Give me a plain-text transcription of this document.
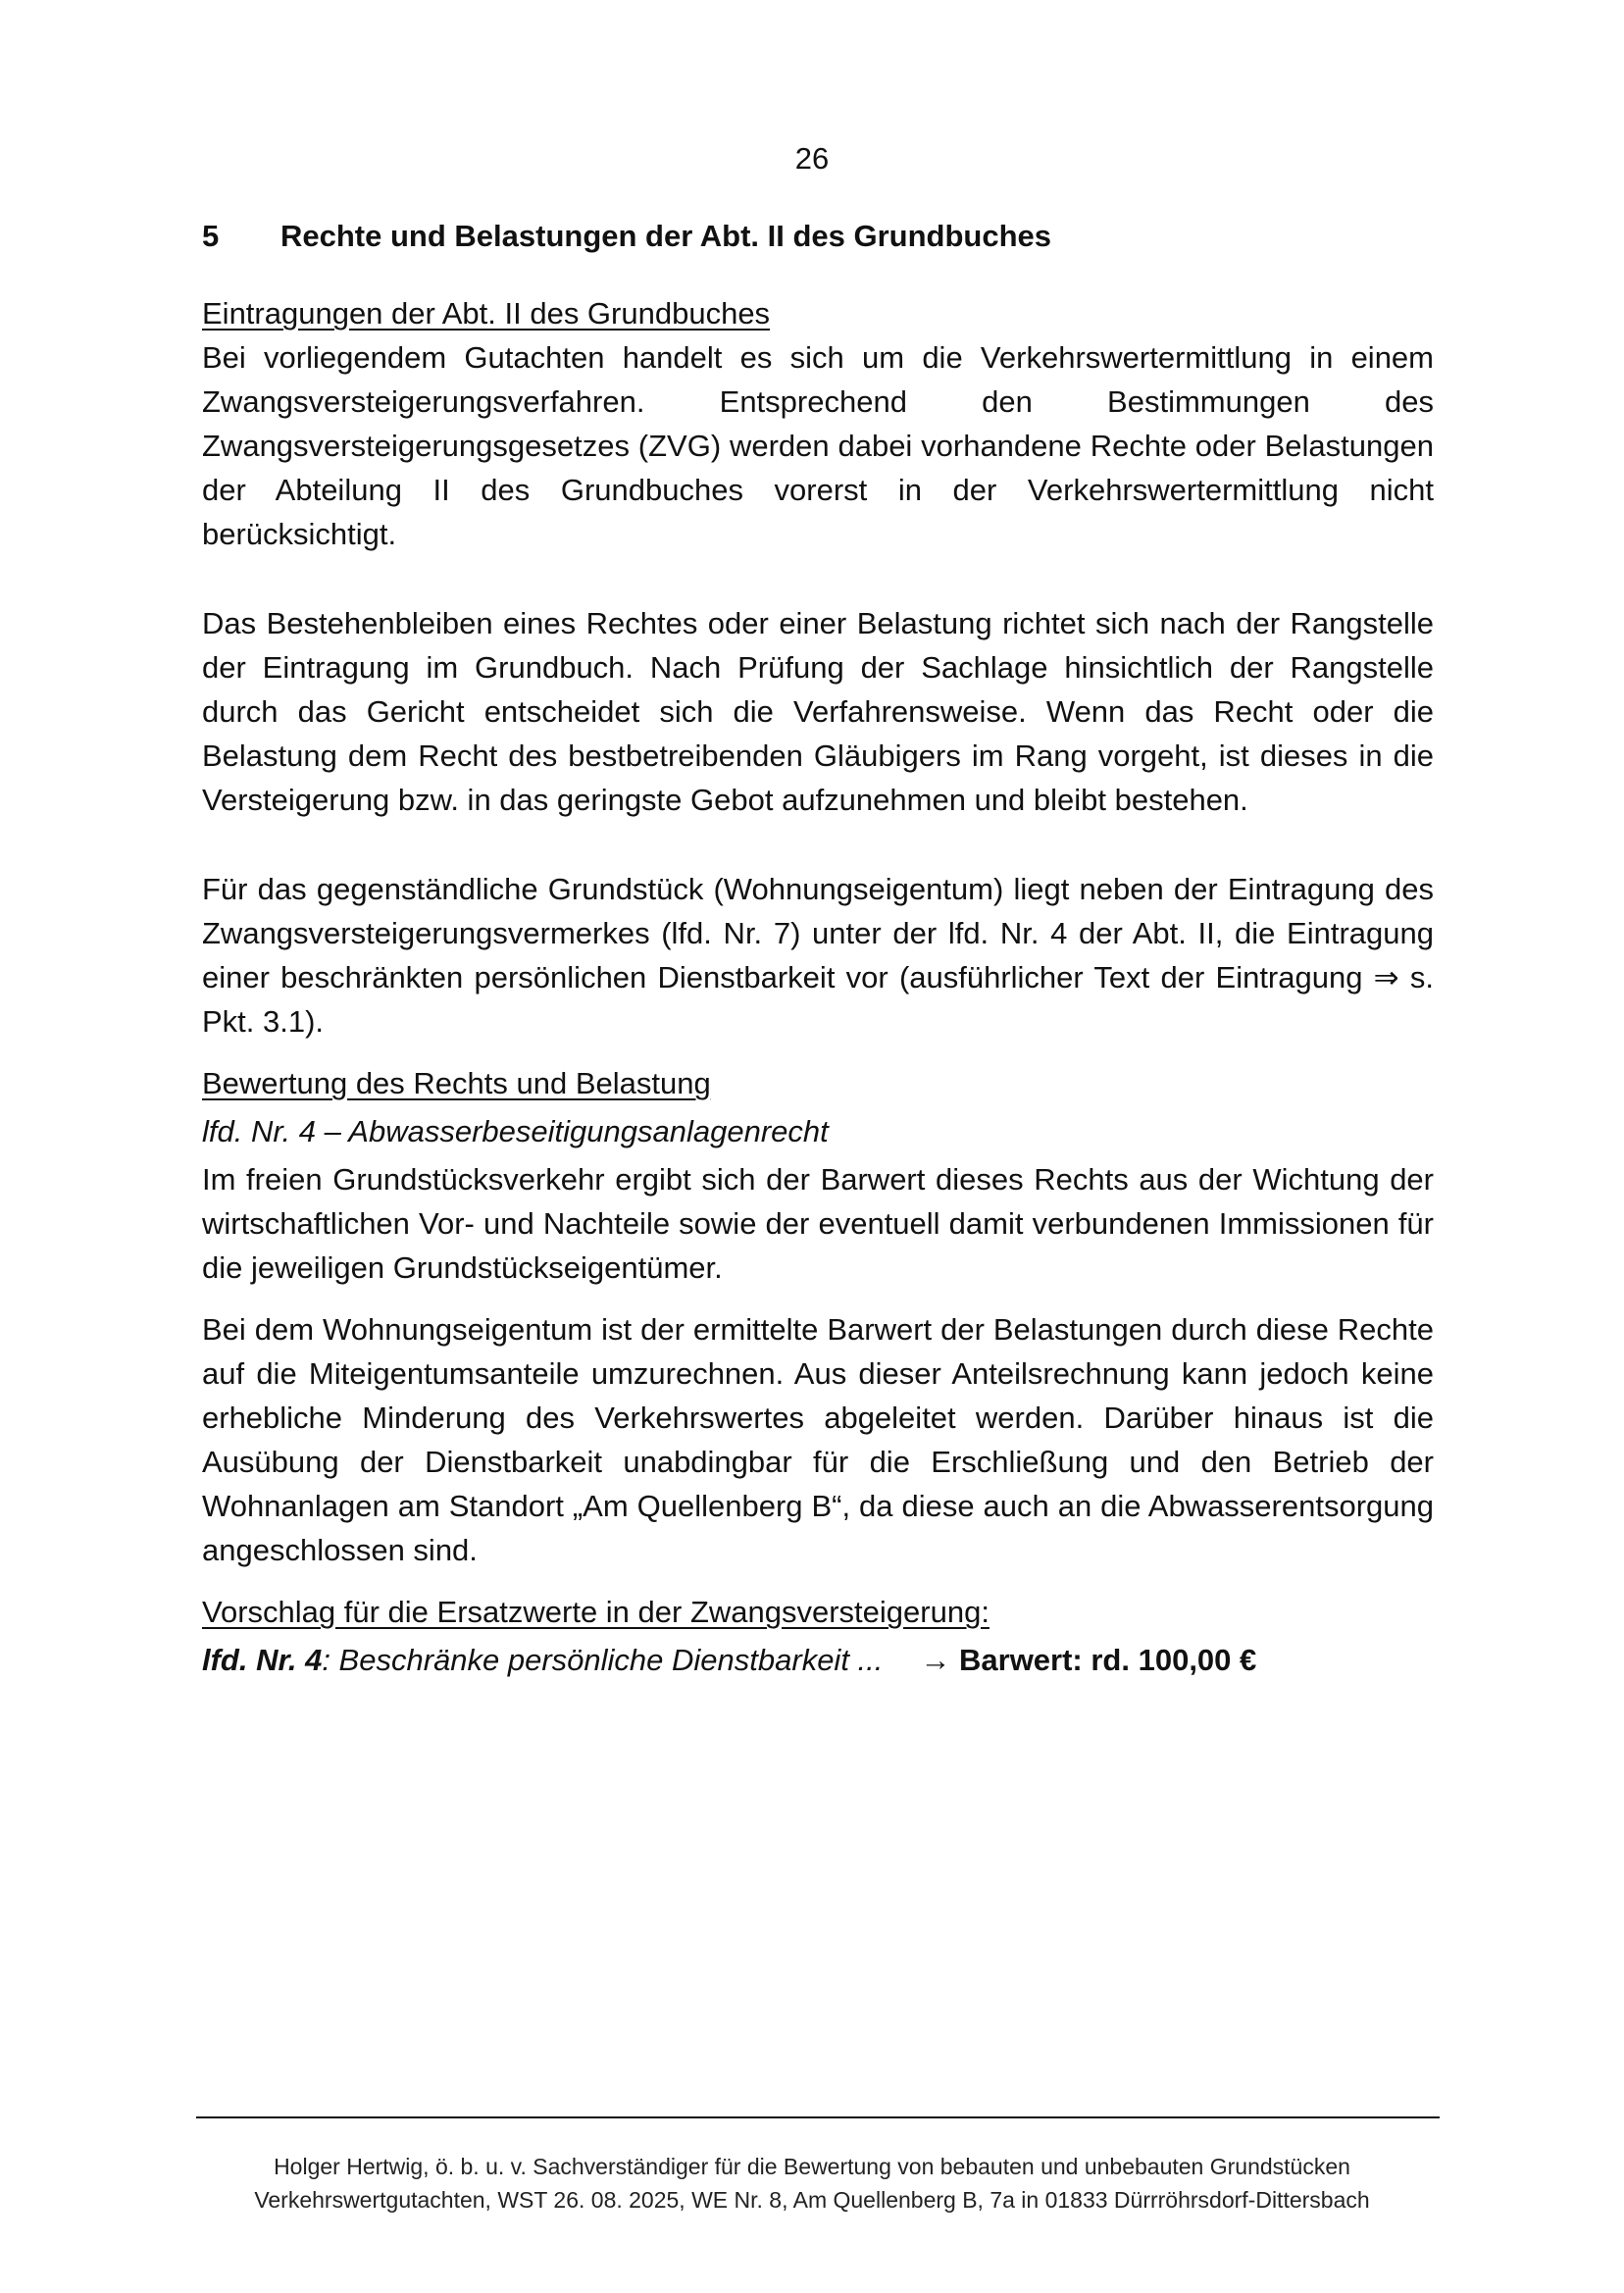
26
5 Rechte und Belastungen der Abt. II des Grundbuches

Eintragungen der Abt. II des Grundbuches

Bei vorliegendem Gutachten handelt es sich um die Verkehrswertermittlung in einem Zwangsversteigerungsverfahren. Entsprechend den Bestimmungen des Zwangsversteigerungsgesetzes (ZVG) werden dabei vorhandene Rechte oder Belastungen der Abteilung II des Grundbuches vorerst in der Verkehrswertermittlung nicht berücksichtigt.

Das Bestehenbleiben eines Rechtes oder einer Belastung richtet sich nach der Rangstelle der Eintragung im Grundbuch. Nach Prüfung der Sachlage hinsichtlich der Rangstelle durch das Gericht entscheidet sich die Verfahrensweise. Wenn das Recht oder die Belastung dem Recht des bestbetreibenden Gläubigers im Rang vorgeht, ist dieses in die Versteigerung bzw. in das geringste Gebot aufzunehmen und bleibt bestehen.

Für das gegenständliche Grundstück (Wohnungseigentum) liegt neben der Eintragung des Zwangsversteigerungsvermerkes (lfd. Nr. 7) unter der lfd. Nr. 4 der Abt. II, die Eintragung einer beschränkten persönlichen Dienstbarkeit vor (ausführlicher Text der Eintragung ⇒ s. Pkt. 3.1).

Bewertung des Rechts und Belastung

lfd. Nr. 4 – Abwasserbeseitigungsanlagenrecht

Im freien Grundstücksverkehr ergibt sich der Barwert dieses Rechts aus der Wichtung der wirtschaftlichen Vor- und Nachteile sowie der eventuell damit verbundenen Immissionen für die jeweiligen Grundstückseigentümer.

Bei dem Wohnungseigentum ist der ermittelte Barwert der Belastungen durch diese Rechte auf die Miteigentumsanteile umzurechnen. Aus dieser Anteilsrechnung kann jedoch keine erhebliche Minderung des Verkehrswertes abgeleitet werden. Darüber hinaus ist die Ausübung der Dienstbarkeit unabdingbar für die Erschließung und den Betrieb der Wohnanlagen am Standort „Am Quellenberg B“, da diese auch an die Abwasserentsorgung angeschlossen sind.

Vorschlag für die Ersatzwerte in der Zwangsversteigerung:

lfd. Nr. 4: Beschränke persönliche Dienstbarkeit ... → Barwert: rd. 100,00 €
Holger Hertwig, ö. b. u. v. Sachverständiger für die Bewertung von bebauten und unbebauten Grundstücken
Verkehrswertgutachten, WST 26. 08. 2025, WE Nr. 8, Am Quellenberg B, 7a in 01833 Dürrröhrsdorf-Dittersbach
